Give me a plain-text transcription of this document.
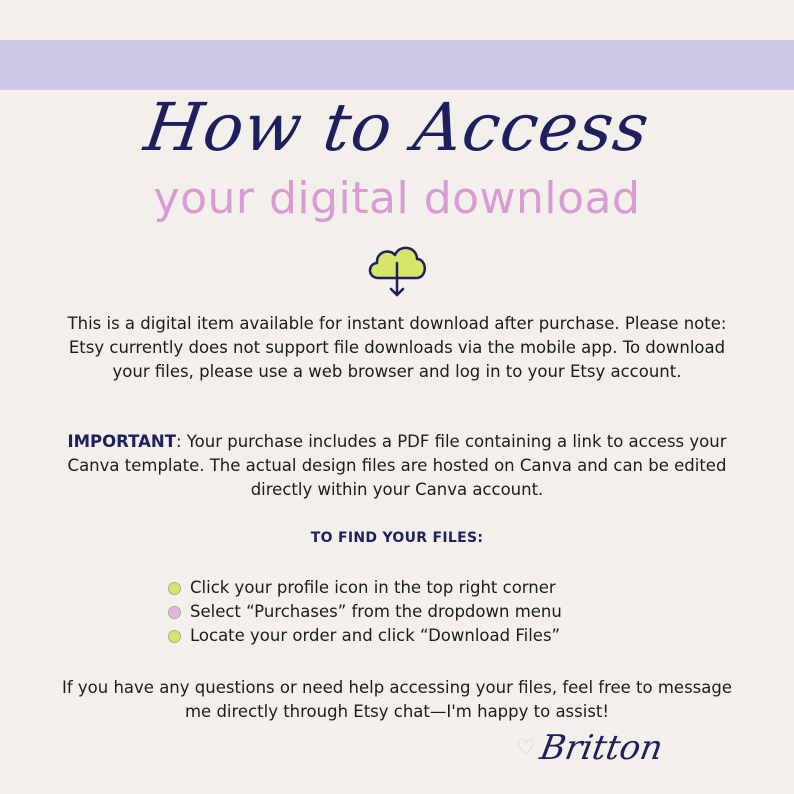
How to Access
your digital download

This is a digital item available for instant download after purchase. Please note: Etsy currently does not support file downloads via the mobile app. To download your files, please use a web browser and log in to your Etsy account.

IMPORTANT: Your purchase includes a PDF file containing a link to access your Canva template. The actual design files are hosted on Canva and can be edited directly within your Canva account.

TO FIND YOUR FILES:
Click your profile icon in the top right corner
Select “Purchases” from the dropdown menu
Locate your order and click “Download Files”

If you have any questions or need help accessing your files, feel free to message me directly through Etsy chat—I'm happy to assist!

♡ Britton
